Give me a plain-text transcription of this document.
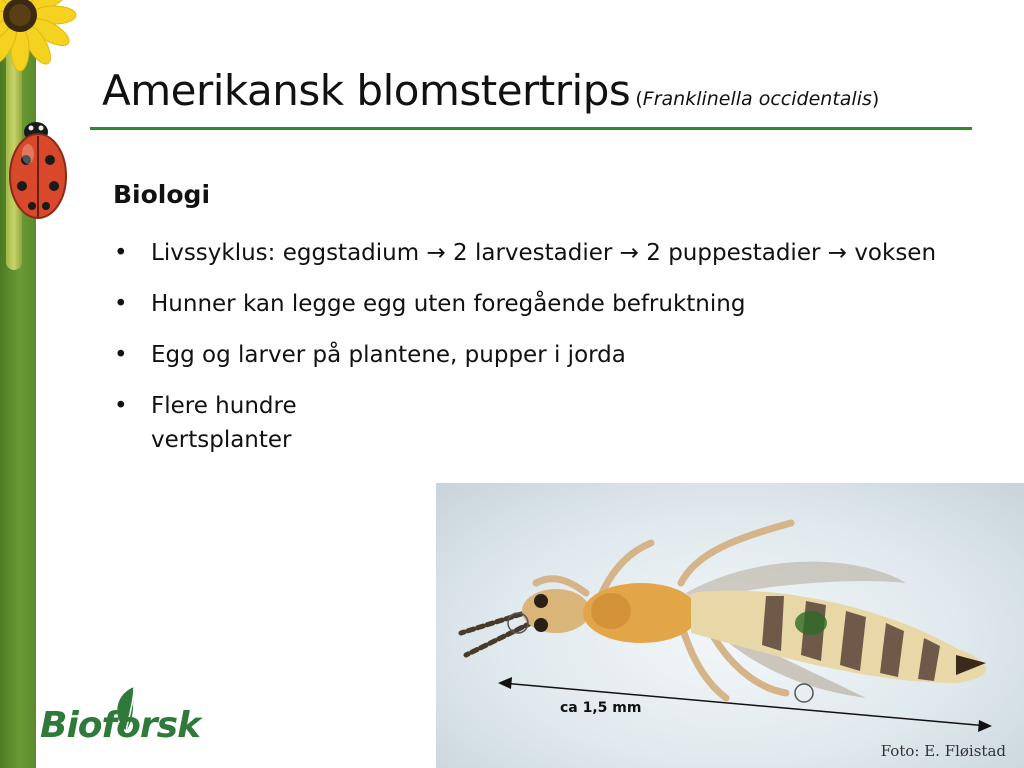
Amerikansk blomstertrips (Franklinella occidentalis)
Biologi
• Livssyklus: eggstadium → 2 larvestadier → 2 puppestadier → voksen
• Hunner kan legge egg uten foregående befruktning
• Egg og larver på plantene, pupper i jorda
• Flere hundre vertsplanter
ca 1,5 mm
Foto: E. Fløistad
Bioforsk
